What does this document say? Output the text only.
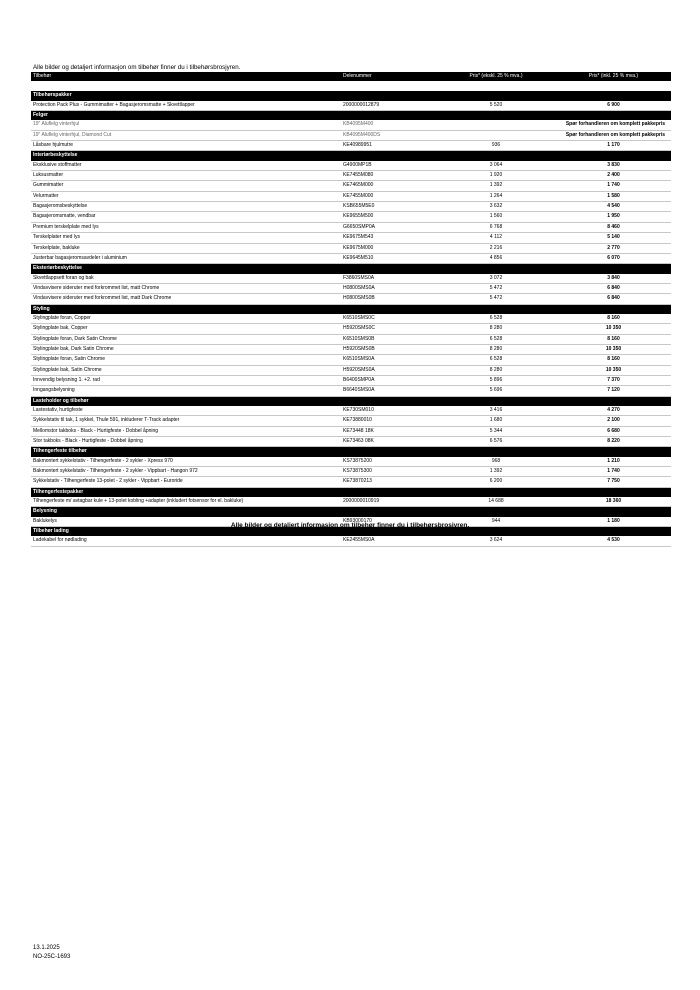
Alle bilder og detaljert informasjon om tilbehør finner du i tilbehørsbrosjyren.
Tilbehør	Delenummer	Pris* (ekskl. 25 % mva.)	Pris* (inkl. 25 % mva.)

Tilbehørspakker			
Protection Pack Plus - Gummimatter + Bagasjeromsmatte + Skvettlapper	2000000012879	5 520	6 900
Felger			
19" Aluflelg vinterhjul	KB4095M400	Spør forhandleren om komplett pakkepris	
19" Aluflelg vinterhjul, Diamond Cut	KB4095M400DS	Spør forhandleren om komplett pakkepris	
Låsbare hjulmutre	KE40989951	936	1 170
Interiørbeskyttelse			
Eksklusive stoffmatter	G4900MP1B	3 064	3 830
Luksusmatter	KE7455M080	1 920	2 400
Gummimatter	KE7465M000	1 392	1 740
Velurmatter	KE7455M000	1 264	1 580
Bagasjeromsbeskyttelse	KSB655M5E0	3 632	4 540
Bagasjeromsmatte, vendbar	KE9655M500	1 560	1 950
Premium terskelplate med lys	G6650SMP0A	6 768	8 460
Terskelplater med lys	KE9675M543	4 112	5 140
Terskelplate, bakluke	KE9675M000	2 216	2 770
Justerbar bagasjeromsavdeler i aluminium	KE9645M510	4 856	6 070
Eksteriørbeskyttelse			
Skvettlappsett foran og bak	F3860SMS0A	3 072	3 840
Vindavvisere sideruter med forkrommet list, matt Chrome	H0800SMS0A	5 472	6 840
Vindavvisere sideruter med forkrommet list, matt Dark Chrome	H0800SMS0B	5 472	6 840
Styling			
Stylingplate foran, Copper	K6510SMS0C	6 528	8 160
Stylingplate bak, Copper	H5920SMS0C	8 280	10 350
Stylingplate foran, Dark Satin Chrome	K6510SMS0B	6 528	8 160
Stylingplate bak, Dark Satin Chrome	H5920SMS0B	8 280	10 350
Stylingplate foran, Satin Chrome	K6510SMS0A	6 528	8 160
Stylingplate bak, Satin Chrome	H5920SMS0A	8 280	10 350
Innvendig belysning 1. +2. rad	B6400SMP0A	5 896	7 370
Inngangsbelysning	B6640SMS0A	5 696	7 120
Lasteholder og tilbehør			
Lastestativ, hurtigfeste	KE730SM010	3 416	4 270
Sykkelstativ til tak, 1 sykkel, Thule 591, inkluderer T-Track adapter	KE73880010	1 680	2 100
Mellomstor takboks - Black - Hurtigfeste - Dobbel åpning	KE73448 18K	5 344	6 680
Stor takboks - Black - Hurtigfeste - Dobbel åpning	KE73463 08K	6 576	8 220
Tilhengerfeste tilbehør			
Bakmontert sykkelstativ - Tilhengerfeste - 2 sykler - Xpress 970	KS73875200	968	1 210
Bakmontert sykkelstativ - Tilhengerfeste - 2 sykler - Vippbart - Hangon 972	KS73875300	1 392	1 740
Sykkelstativ - Tilhengerfeste 13-polet - 2 sykler - Vippbart - Euroride	KE73870213	6 200	7 750
Tilhengerfestepakker			
Tilhengerfeste m/ avtagbar kule + 13-polet kobling +adapter (inkludert fotsensor for el. bakluke)	2000000010919	14 688	18 360
Belysning			
Baklukelys	KB93000170	944	1 180
Tilbehør lading			
Ladekabel for nødlading	KE2455MS0A	3 624	4 530
Alle bilder og detaljert informasjon om tilbehør finner du i tilbehørsbrosjyren.
13.1.2025
NO-25C-1693
